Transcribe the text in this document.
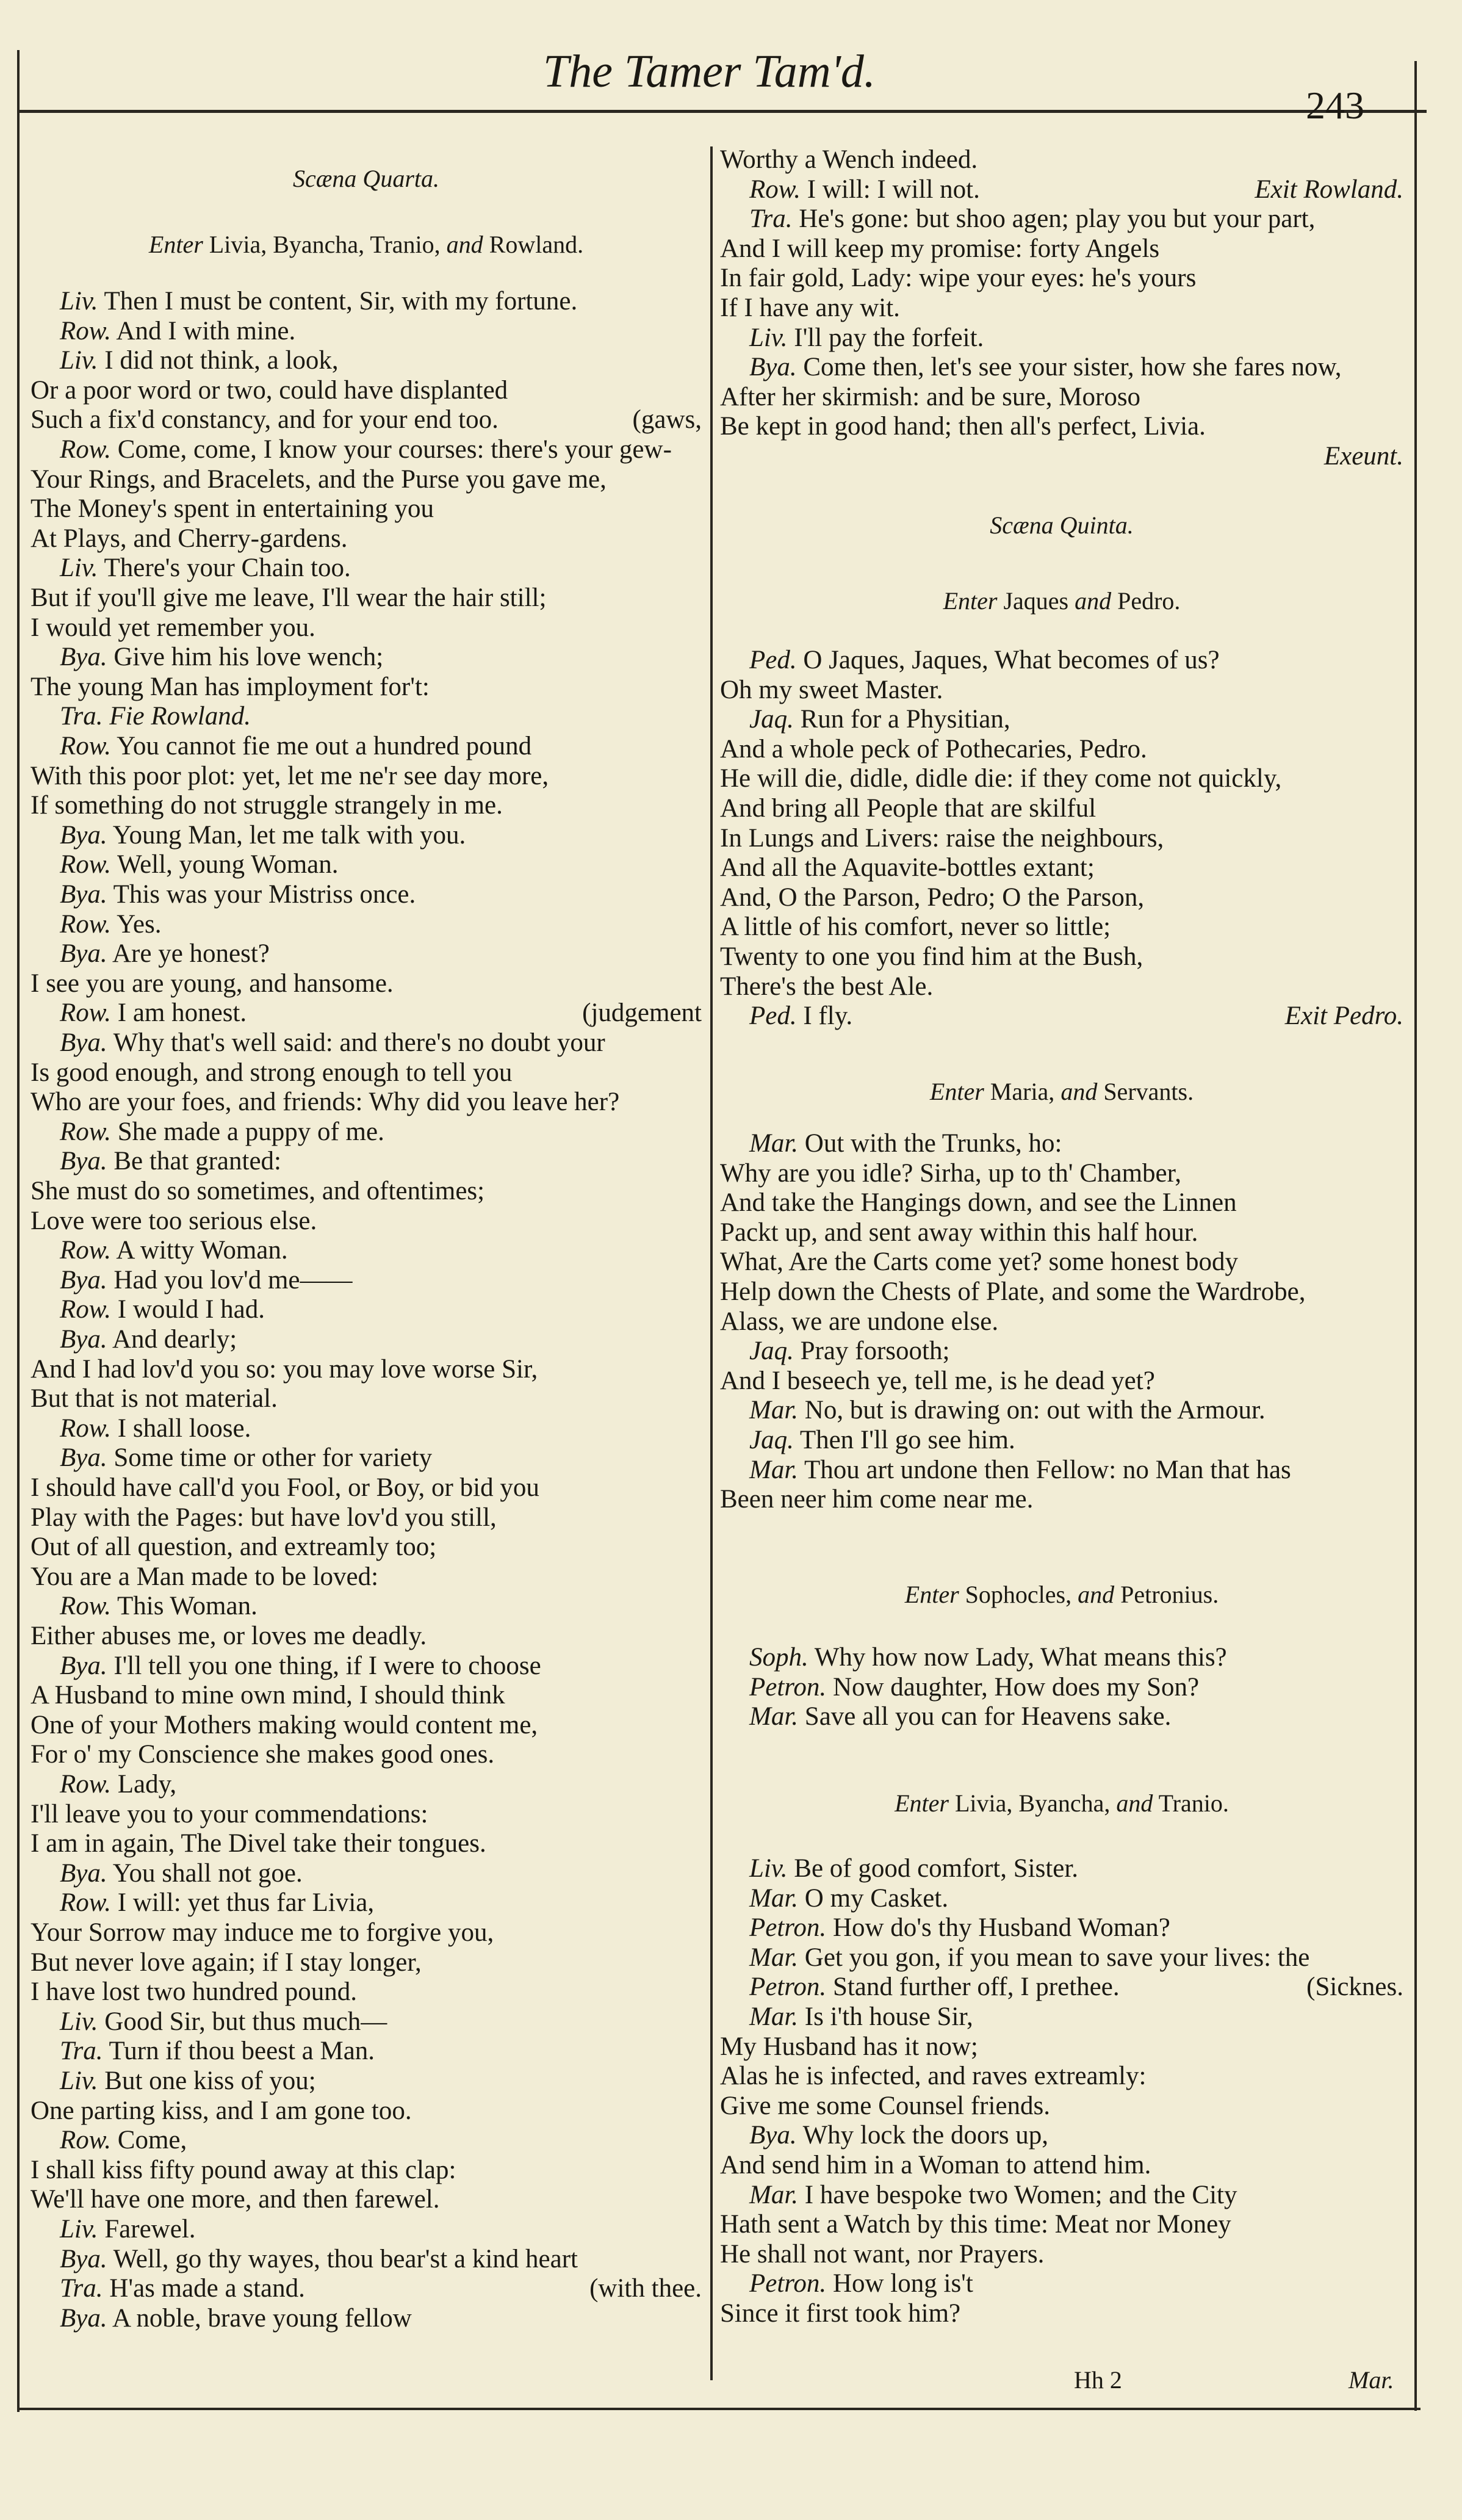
The Tamer Tam'd.
243
Scæna Quarta.
Enter Livia, Byancha, Tranio, and Rowland.
Liv. Then I must be content, Sir, with my fortune.
Row. And I with mine.
Liv. I did not think, a look,
Or a poor word or two, could have displanted
Such a fix'd constancy, and for your end too.	(gaws,
Row. Come, come, I know your courses: there's your gew-
Your Rings, and Bracelets, and the Purse you gave me,
The Money's spent in entertaining you
At Plays, and Cherry-gardens.
Liv. There's your Chain too.
But if you'll give me leave, I'll wear the hair still;
I would yet remember you.
Bya. Give him his love wench;
The young Man has imployment for't:
Tra. Fie Rowland.
Row. You cannot fie me out a hundred pound
With this poor plot: yet, let me ne'r see day more,
If something do not struggle strangely in me.
Bya. Young Man, let me talk with you.
Row. Well, young Woman.
Bya. This was your Mistriss once.
Row. Yes.
Bya. Are ye honest?
I see you are young, and hansome.
Row. I am honest.	(judgement
Bya. Why that's well said: and there's no doubt your
Is good enough, and strong enough to tell you
Who are your foes, and friends: Why did you leave her?
Row. She made a puppy of me.
Bya. Be that granted:
She must do so sometimes, and oftentimes;
Love were too serious else.
Row. A witty Woman.
Bya. Had you lov'd me——
Row. I would I had.
Bya. And dearly;
And I had lov'd you so: you may love worse Sir,
But that is not material.
Row. I shall loose.
Bya. Some time or other for variety
I should have call'd you Fool, or Boy, or bid you
Play with the Pages: but have lov'd you still,
Out of all question, and extreamly too;
You are a Man made to be loved:
Row. This Woman.
Either abuses me, or loves me deadly.
Bya. I'll tell you one thing, if I were to choose
A Husband to mine own mind, I should think
One of your Mothers making would content me,
For o' my Conscience she makes good ones.
Row. Lady,
I'll leave you to your commendations:
I am in again, The Divel take their tongues.
Bya. You shall not goe.
Row. I will: yet thus far Livia,
Your Sorrow may induce me to forgive you,
But never love again; if I stay longer,
I have lost two hundred pound.
Liv. Good Sir, but thus much—
Tra. Turn if thou beest a Man.
Liv. But one kiss of you;
One parting kiss, and I am gone too.
Row. Come,
I shall kiss fifty pound away at this clap:
We'll have one more, and then farewel.
Liv. Farewel.
Bya. Well, go thy wayes, thou bear'st a kind heart
Tra. H'as made a stand.	(with thee.
Bya. A noble, brave young fellow
Worthy a Wench indeed.
Row. I will: I will not.	Exit Rowland.
Tra. He's gone: but shoo agen; play you but your part,
And I will keep my promise: forty Angels
In fair gold, Lady: wipe your eyes: he's yours
If I have any wit.
Liv. I'll pay the forfeit.
Bya. Come then, let's see your sister, how she fares now,
After her skirmish: and be sure, Moroso
Be kept in good hand; then all's perfect, Livia.
Exeunt.
Scæna Quinta.
Enter Jaques and Pedro.
Ped. O Jaques, Jaques, What becomes of us?
Oh my sweet Master.
Jaq. Run for a Physitian,
And a whole peck of Pothecaries, Pedro.
He will die, didle, didle die: if they come not quickly,
And bring all People that are skilful
In Lungs and Livers: raise the neighbours,
And all the Aquavite-bottles extant;
And, O the Parson, Pedro; O the Parson,
A little of his comfort, never so little;
Twenty to one you find him at the Bush,
There's the best Ale.
Ped. I fly.	Exit Pedro.
Enter Maria, and Servants.
Mar. Out with the Trunks, ho:
Why are you idle? Sirha, up to th' Chamber,
And take the Hangings down, and see the Linnen
Packt up, and sent away within this half hour.
What, Are the Carts come yet? some honest body
Help down the Chests of Plate, and some the Wardrobe,
Alass, we are undone else.
Jaq. Pray forsooth;
And I beseech ye, tell me, is he dead yet?
Mar. No, but is drawing on: out with the Armour.
Jaq. Then I'll go see him.
Mar. Thou art undone then Fellow: no Man that has
Been neer him come near me.
Enter Sophocles, and Petronius.
Soph. Why how now Lady, What means this?
Petron. Now daughter, How does my Son?
Mar. Save all you can for Heavens sake.
Enter Livia, Byancha, and Tranio.
Liv. Be of good comfort, Sister.
Mar. O my Casket.
Petron. How do's thy Husband Woman?
Mar. Get you gon, if you mean to save your lives: the
Petron. Stand further off, I prethee.	(Sicknes.
Mar. Is i'th house Sir,
My Husband has it now;
Alas he is infected, and raves extreamly:
Give me some Counsel friends.
Bya. Why lock the doors up,
And send him in a Woman to attend him.
Mar. I have bespoke two Women; and the City
Hath sent a Watch by this time: Meat nor Money
He shall not want, nor Prayers.
Petron. How long is't
Since it first took him?
Hh 2	Mar.
